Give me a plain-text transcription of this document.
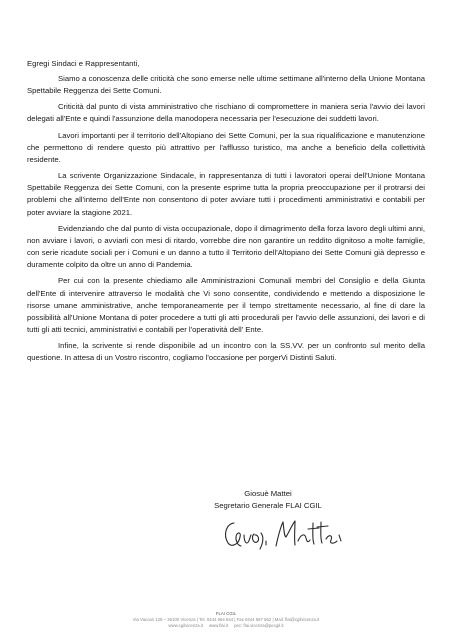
Egregi Sindaci e Rappresentanti,

Siamo a conoscenza delle criticità che sono emerse nelle ultime settimane all'interno della Unione Montana Spettabile Reggenza dei Sette Comuni.

Criticità dal punto di vista amministrativo che rischiano di compromettere in maniera seria l'avvio dei lavori delegati all'Ente e quindi l'assunzione della manodopera necessaria per l'esecuzione dei suddetti lavori.

Lavori importanti per il territorio dell'Altopiano dei Sette Comuni, per la sua riqualificazione e manutenzione che permettono di rendere questo più attrattivo per l'afflusso turistico, ma anche a beneficio della collettività residente.

La scrivente Organizzazione Sindacale, in rappresentanza di tutti i lavoratori operai dell'Unione Montana Spettabile Reggenza dei Sette Comuni, con la presente esprime tutta la propria preoccupazione per il protrarsi dei problemi che all'interno dell'Ente non consentono di poter avviare tutti i procedimenti amministrativi e contabili per poter avviare la stagione 2021.

Evidenziando che dal punto di vista occupazionale, dopo il dimagrimento della forza lavoro degli ultimi anni, non avviare i lavori, o avviarli con mesi di ritardo, vorrebbe dire non garantire un reddito dignitoso a molte famiglie, con serie ricadute sociali per i Comuni e un danno a tutto il Territorio dell'Altopiano dei Sette Comuni già depresso e duramente colpito da oltre un anno di Pandemia.

Per cui con la presente chiediamo alle Amministrazioni Comunali membri del Consiglio e della Giunta dell'Ente di intervenire attraverso le modalità che Vi sono consentite, condividendo e mettendo a disposizione le risorse umane amministrative, anche temporaneamente per il tempo strettamente necessario, al fine di dare la possibilità all'Unione Montana di poter procedere a tutti gli atti procedurali per l'avvio delle assunzioni, dei lavori e di tutti gli atti tecnici, amministrativi e contabili per l'operatività dell' Ente.

Infine, la scrivente si rende disponibile ad un incontro con la SS.VV. per un confronto sul merito della questione. In attesa di un Vostro riscontro, cogliamo l'occasione per porgerVi Distinti Saluti.

Giosuè Mattei
Segretario Generale FLAI CGIL
FLAI CGIL
Via Vaccari 128 – 36100 Vicenza | Tel. 0444 564 844 | Fax 0444 567 662 | Mail: flai@cgilvicenza.it
www.cgilvicenza.it www.flai.it pec: flai.vicenza@pecgil.it
